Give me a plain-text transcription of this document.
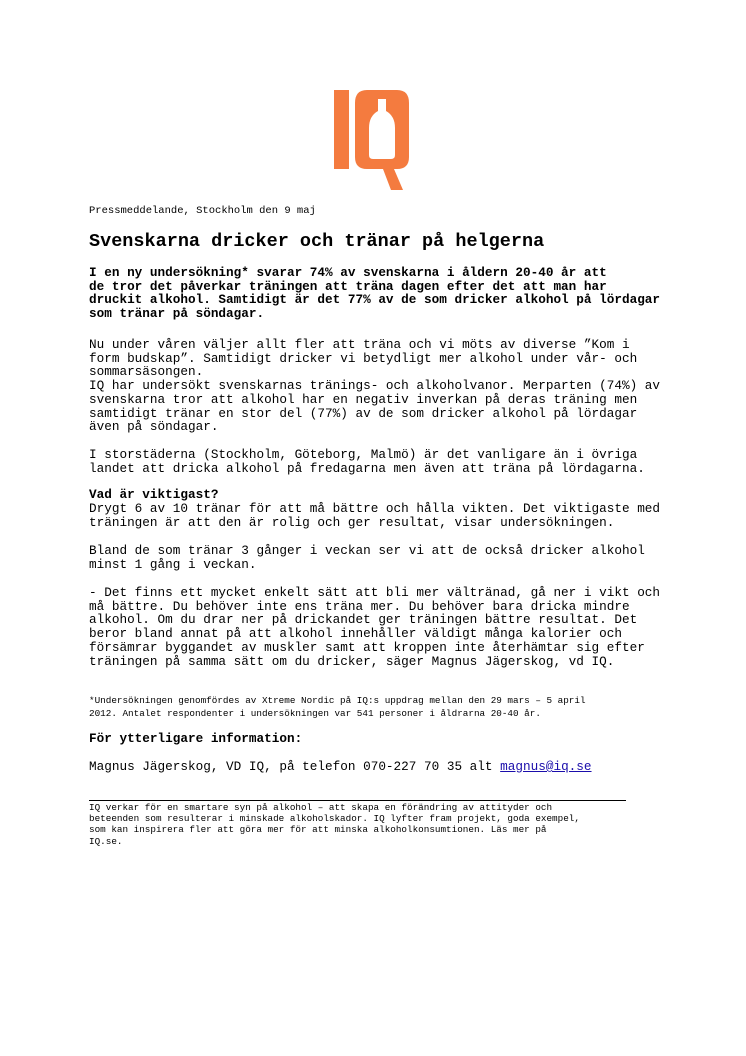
Pressmeddelande, Stockholm den 9 maj

Svenskarna dricker och tränar på helgerna

I en ny undersökning* svarar 74% av svenskarna i åldern 20-40 år att
de tror det påverkar träningen att träna dagen efter det att man har
druckit alkohol. Samtidigt är det 77% av de som dricker alkohol på lördagar
som tränar på söndagar.

Nu under våren väljer allt fler att träna och vi möts av diverse ”Kom i
form budskap”. Samtidigt dricker vi betydligt mer alkohol under vår- och
sommarsäsongen.
IQ har undersökt svenskarnas tränings- och alkoholvanor. Merparten (74%) av
svenskarna tror att alkohol har en negativ inverkan på deras träning men
samtidigt tränar en stor del (77%) av de som dricker alkohol på lördagar
även på söndagar.

I storstäderna (Stockholm, Göteborg, Malmö) är det vanligare än i övriga
landet att dricka alkohol på fredagarna men även att träna på lördagarna.

Vad är viktigast?

Drygt 6 av 10 tränar för att må bättre och hålla vikten. Det viktigaste med
träningen är att den är rolig och ger resultat, visar undersökningen.

Bland de som tränar 3 gånger i veckan ser vi att de också dricker alkohol
minst 1 gång i veckan.

- Det finns ett mycket enkelt sätt att bli mer vältränad, gå ner i vikt och
må bättre. Du behöver inte ens träna mer. Du behöver bara dricka mindre
alkohol. Om du drar ner på drickandet ger träningen bättre resultat. Det
beror bland annat på att alkohol innehåller väldigt många kalorier och
försämrar byggandet av muskler samt att kroppen inte återhämtar sig efter
träningen på samma sätt om du dricker, säger Magnus Jägerskog, vd IQ.

*Undersökningen genomfördes av Xtreme Nordic på IQ:s uppdrag mellan den 29 mars – 5 april
2012. Antalet respondenter i undersökningen var 541 personer i åldrarna 20-40 år.

För ytterligare information:

Magnus Jägerskog, VD IQ, på telefon 070-227 70 35 alt magnus@iq.se

IQ verkar för en smartare syn på alkohol – att skapa en förändring av attityder och
beteenden som resulterar i minskade alkoholskador. IQ lyfter fram projekt, goda exempel,
som kan inspirera fler att göra mer för att minska alkoholkonsumtionen. Läs mer på
IQ.se.
